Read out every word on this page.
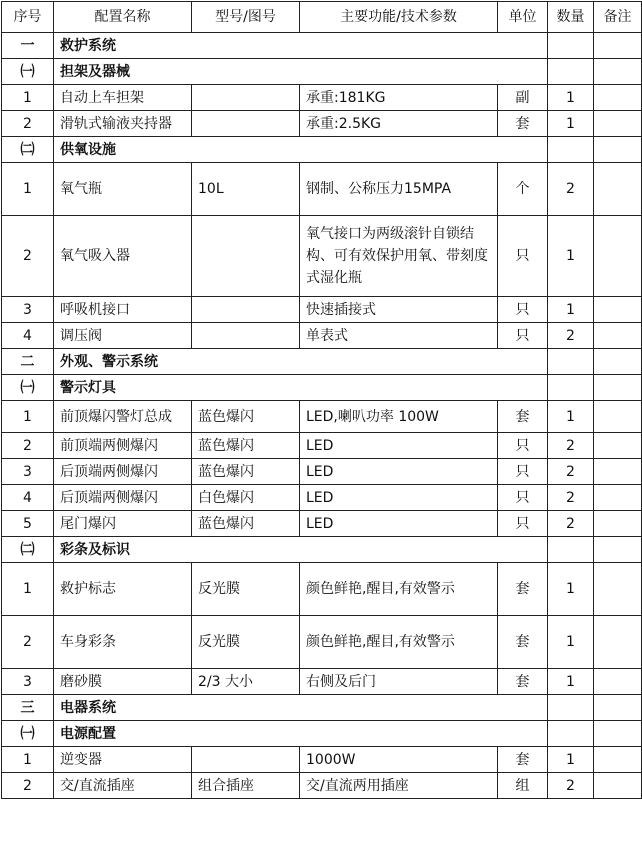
序号	配置名称	型号/图号	主要功能/技术参数	单位	数量	备注
一	救护系统					
㈠	担架及器械					
1	自动上车担架		承重:181KG	副	1	
2	滑轨式输液夹持器		承重:2.5KG	套	1	
㈡	供氧设施					
1	氧气瓶	10L	钢制、公称压力15MPA	个	2	
2	氧气吸入器		氧气接口为两级滚针自锁结构、可有效保护用氧、带刻度式湿化瓶	只	1	
3	呼吸机接口		快速插接式	只	1	
4	调压阀		单表式	只	2	
二	外观、警示系统					
㈠	警示灯具					
1	前顶爆闪警灯总成	蓝色爆闪	LED,喇叭功率 100W	套	1	
2	前顶端两侧爆闪	蓝色爆闪	LED	只	2	
3	后顶端两侧爆闪	蓝色爆闪	LED	只	2	
4	后顶端两侧爆闪	白色爆闪	LED	只	2	
5	尾门爆闪	蓝色爆闪	LED	只	2	
㈡	彩条及标识					
1	救护标志	反光膜	颜色鲜艳,醒目,有效警示	套	1	
2	车身彩条	反光膜	颜色鲜艳,醒目,有效警示	套	1	
3	磨砂膜	2/3 大小	右侧及后门	套	1	
三	电器系统					
㈠	电源配置					
1	逆变器		1000W	套	1	
2	交/直流插座	组合插座	交/直流两用插座	组	2	
